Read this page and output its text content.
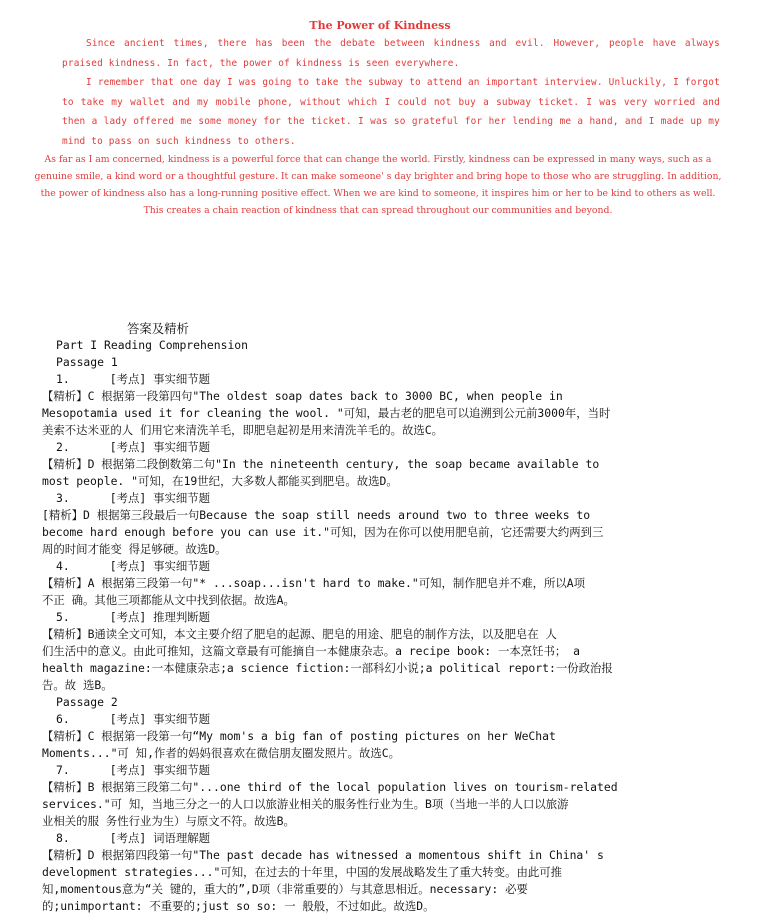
The Power of Kindness
Since ancient times, there has been the debate between kindness and evil. However, people have always praised kindness. In fact, the power of kindness is seen everywhere.
I remember that one day I was going to take the subway to attend an important interview. Unluckily, I forgot to take my wallet and my mobile phone, without which I could not buy a subway ticket. I was very worried and then a lady offered me some money for the ticket. I was so grateful for her lending me a hand, and I made up my mind to pass on such kindness to others.
As far as I am concerned, kindness is a powerful force that can change the world. Firstly, kindness can be expressed in many ways, such as a genuine smile, a kind word or a thoughtful gesture. It can make someone' s day brighter and bring hope to those who are struggling. In addition, the power of kindness also has a long-running positive effect. When we are kind to someone, it inspires him or her to be kind to others as well. This creates a chain reaction of kindness that can spread throughout our communities and beyond.
答案及精析
Part I Reading Comprehension
Passage 1
1.	[考点] 事实细节题
【精析】C 根据第一段第四句"The oldest soap dates back to 3000 BC, when people in
Mesopotamia used it for cleaning the wool. "可知，最古老的肥皂可以追溯到公元前3000年，当时
美索不达米亚的人 们用它来清洗羊毛，即肥皂起初是用来清洗羊毛的。故选C。
2.	[考点] 事实细节题
【精析】D 根据第二段倒数第二句"In the nineteenth century, the soap became available to
most people. "可知，在19世纪，大多数人都能买到肥皂。故选D。
3.	[考点] 事实细节题
[精析】D 根据第三段最后一句Because the soap still needs around two to three weeks to
become hard enough before you can use it."可知，因为在你可以使用肥皂前，它还需要大约两到三
周的时间才能变 得足够硬。故选D。
4.	[考点] 事实细节题
【精析】A 根据第三段第一句"* ...soap...isn't hard to make."可知，制作肥皂并不难，所以A项
不正 确。其他三项都能从文中找到依据。故选A。
5.	[考点] 推理判断题
【精析】B通读全文可知，本文主要介绍了肥皂的起源、肥皂的用途、肥皂的制作方法，以及肥皂在 人
们生活中的意义。由此可推知，这篇文章最有可能摘自一本健康杂志。a recipe book: 一本烹饪书； a
health magazine:一本健康杂志;a science fiction:一部科幻小说;a political report:一份政治报
告。故 选B。
Passage 2
6.	[考点] 事实细节题
【精析】C 根据第一段第一句“My mom's a big fan of posting pictures on her WeChat
Moments..."可 知,作者的妈妈很喜欢在微信朋友圈发照片。故选C。
7.	[考点] 事实细节题
【精析】B 根据第三段第二句"...one third of the local population lives on tourism-related
services."可 知，当地三分之一的人口以旅游业相关的服务性行业为生。B项（当地一半的人口以旅游
业相关的服 务性行业为生）与原文不符。故选B。
8.	[考点] 词语理解题
【精析】D 根据第四段第一句"The past decade has witnessed a momentous shift in China' s
development strategies..."可知，在过去的十年里，中国的发展战略发生了重大转变。由此可推
知,momentous意为“关 键的，重大的”,D项（非常重要的）与其意思相近。necessary: 必要
的;unimportant: 不重要的;just so so: 一 般般，不过如此。故选D。
